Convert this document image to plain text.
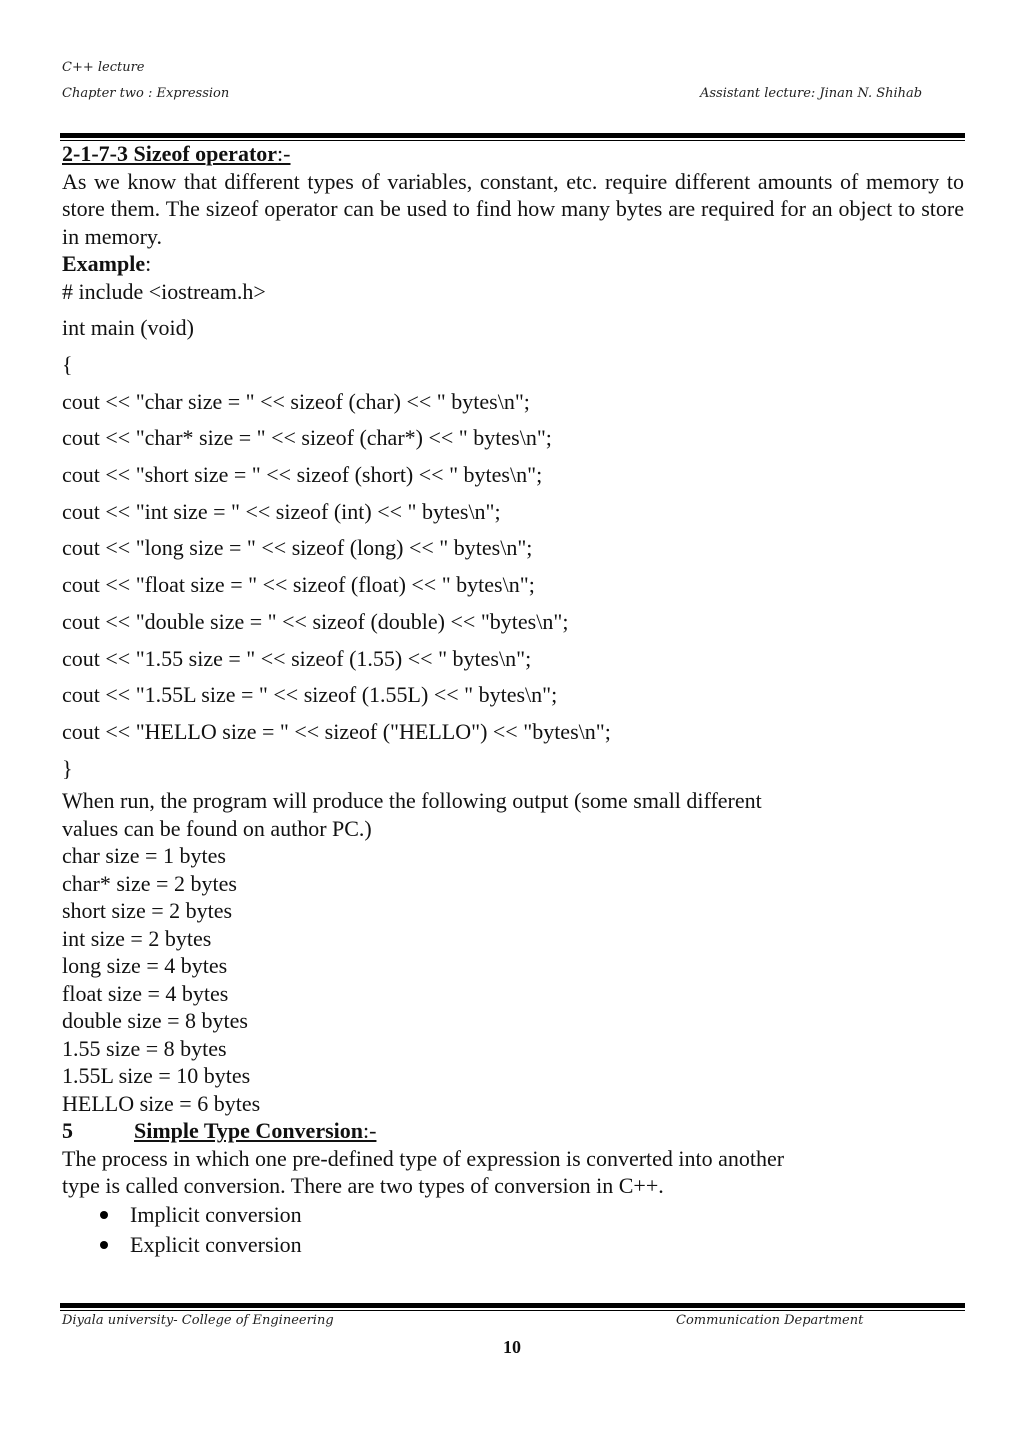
C++ lecture
Chapter two : Expression	Assistant lecture: Jinan N. Shihab

2-1-7-3 Sizeof operator:-

As we know that different types of variables, constant, etc. require different amounts of memory to store them. The sizeof operator can be used to find how many bytes are required for an object to store in memory.

Example:

# include <iostream.h>

int main (void)

{

cout << "char size = " << sizeof (char) << " bytes\n";

cout << "char* size = " << sizeof (char*) << " bytes\n";

cout << "short size = " << sizeof (short) << " bytes\n";

cout << "int size = " << sizeof (int) << " bytes\n";

cout << "long size = " << sizeof (long) << " bytes\n";

cout << "float size = " << sizeof (float) << " bytes\n";

cout << "double size = " << sizeof (double) << "bytes\n";

cout << "1.55 size = " << sizeof (1.55) << " bytes\n";

cout << "1.55L size = " << sizeof (1.55L) << " bytes\n";

cout << "HELLO size = " << sizeof ("HELLO") << "bytes\n";

}

When run, the program will produce the following output (some small different

values can be found on author PC.)

char size = 1 bytes

char* size = 2 bytes

short size = 2 bytes

int size = 2 bytes

long size = 4 bytes

float size = 4 bytes

double size = 8 bytes

1.55 size = 8 bytes

1.55L size = 10 bytes

HELLO size = 6 bytes

5	Simple Type Conversion:-

The process in which one pre-defined type of expression is converted into another

type is called conversion. There are two types of conversion in C++.

Implicit conversion
Explicit conversion
Diyala university- College of Engineering	Communication Department
10
